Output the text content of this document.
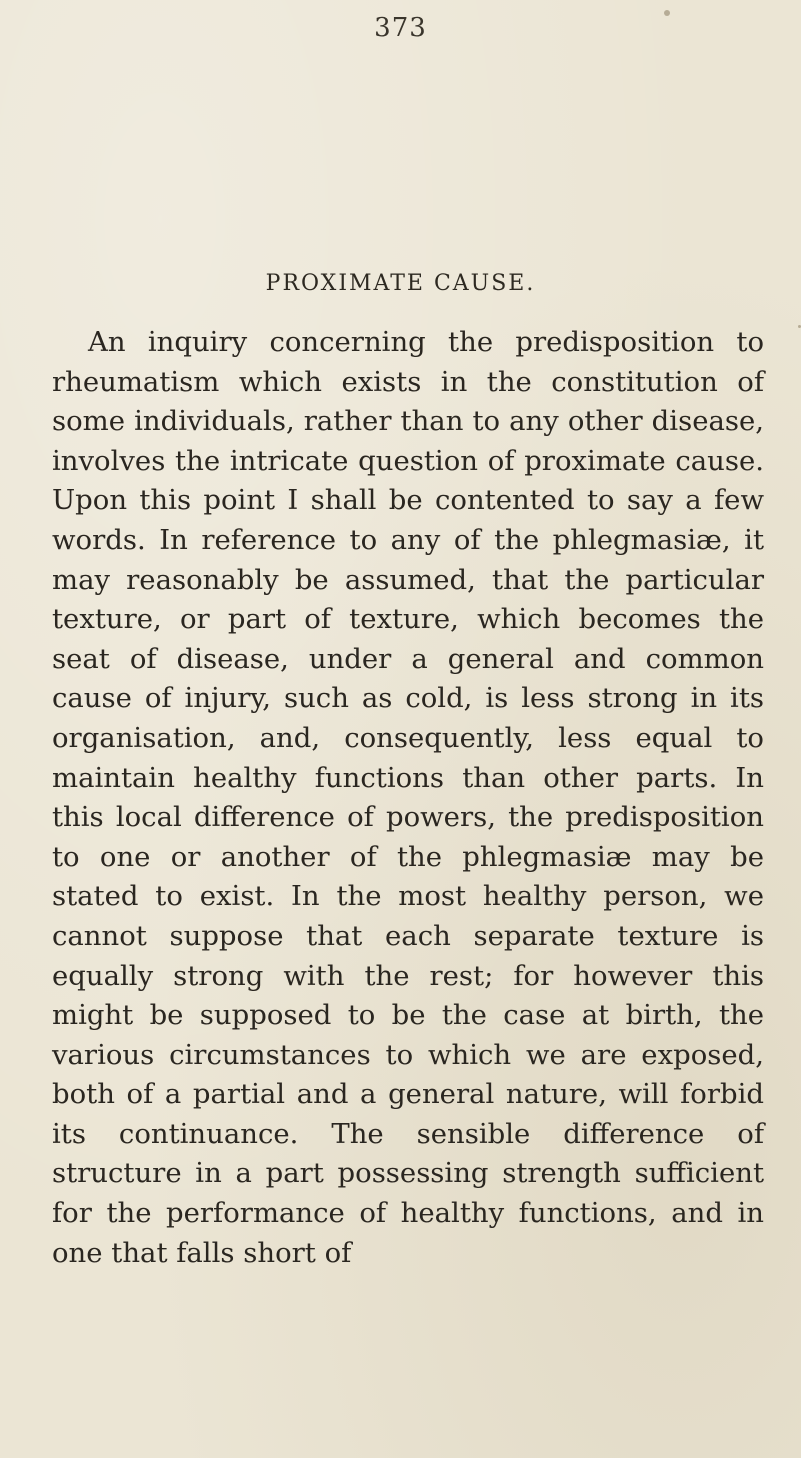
373
PROXIMATE CAUSE.

An inquiry concerning the predisposition to rheumatism which exists in the constitution of some individuals, rather than to any other disease, involves the intricate question of proximate cause. Upon this point I shall be contented to say a few words. In reference to any of the phlegmasiæ, it may reasonably be assumed, that the particular texture, or part of texture, which becomes the seat of disease, under a general and common cause of injury, such as cold, is less strong in its organisation, and, consequently, less equal to maintain healthy functions than other parts. In this local difference of powers, the predisposition to one or another of the phlegmasiæ may be stated to exist. In the most healthy person, we cannot suppose that each separate texture is equally strong with the rest; for however this might be supposed to be the case at birth, the various circumstances to which we are exposed, both of a partial and a general nature, will forbid its continuance. The sensible difference of structure in a part possessing strength sufficient for the performance of healthy functions, and in one that falls short of
